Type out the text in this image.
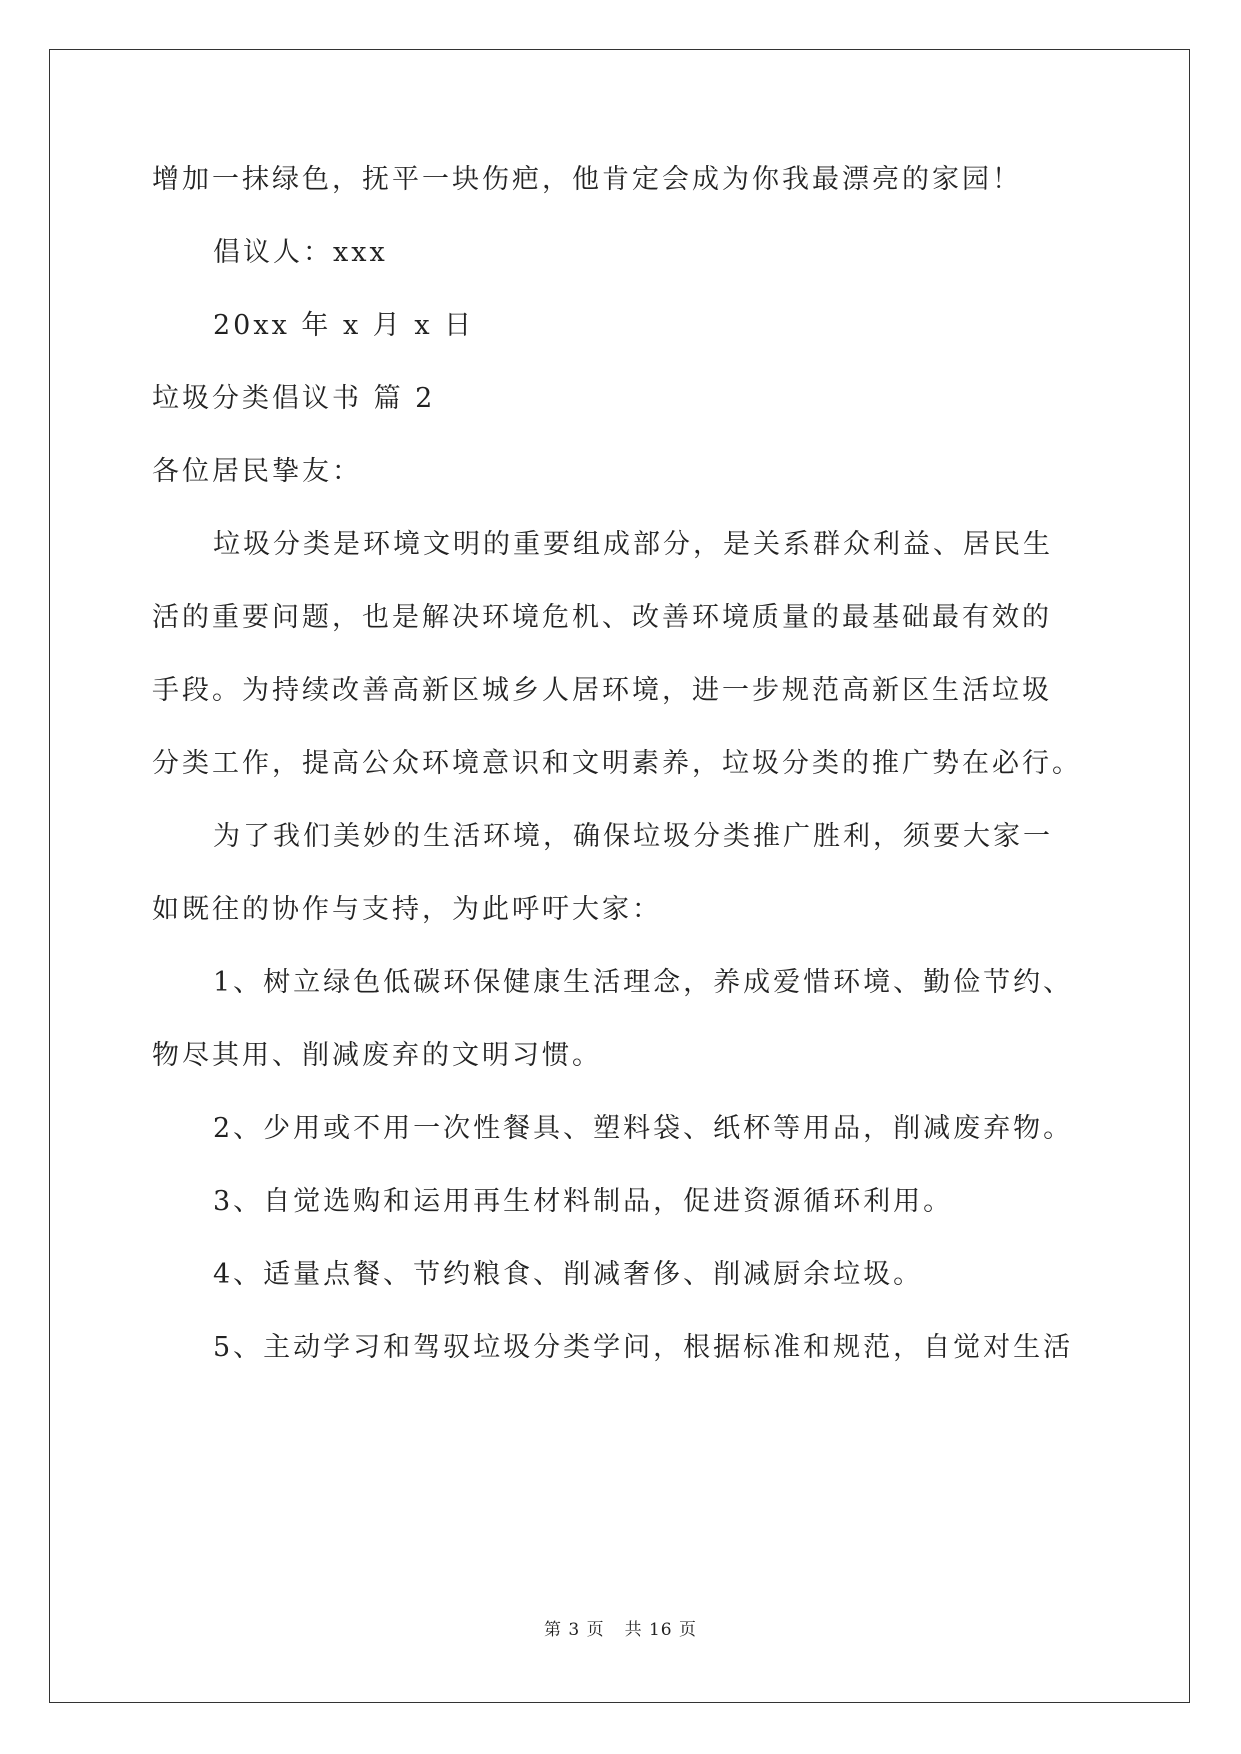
增加一抹绿色，抚平一块伤疤，他肯定会成为你我最漂亮的家园！
倡议人：xxx
20xx 年 x 月 x 日
垃圾分类倡议书 篇 2
各位居民挚友：
垃圾分类是环境文明的重要组成部分，是关系群众利益、居民生
活的重要问题，也是解决环境危机、改善环境质量的最基础最有效的
手段。为持续改善高新区城乡人居环境，进一步规范高新区生活垃圾
分类工作，提高公众环境意识和文明素养，垃圾分类的推广势在必行。
为了我们美妙的生活环境，确保垃圾分类推广胜利，须要大家一
如既往的协作与支持，为此呼吁大家：
1、树立绿色低碳环保健康生活理念，养成爱惜环境、勤俭节约、
物尽其用、削减废弃的文明习惯。
2、少用或不用一次性餐具、塑料袋、纸杯等用品，削减废弃物。
3、自觉选购和运用再生材料制品，促进资源循环利用。
4、适量点餐、节约粮食、削减奢侈、削减厨余垃圾。
5、主动学习和驾驭垃圾分类学问，根据标准和规范，自觉对生活
第 3 页 共 16 页
